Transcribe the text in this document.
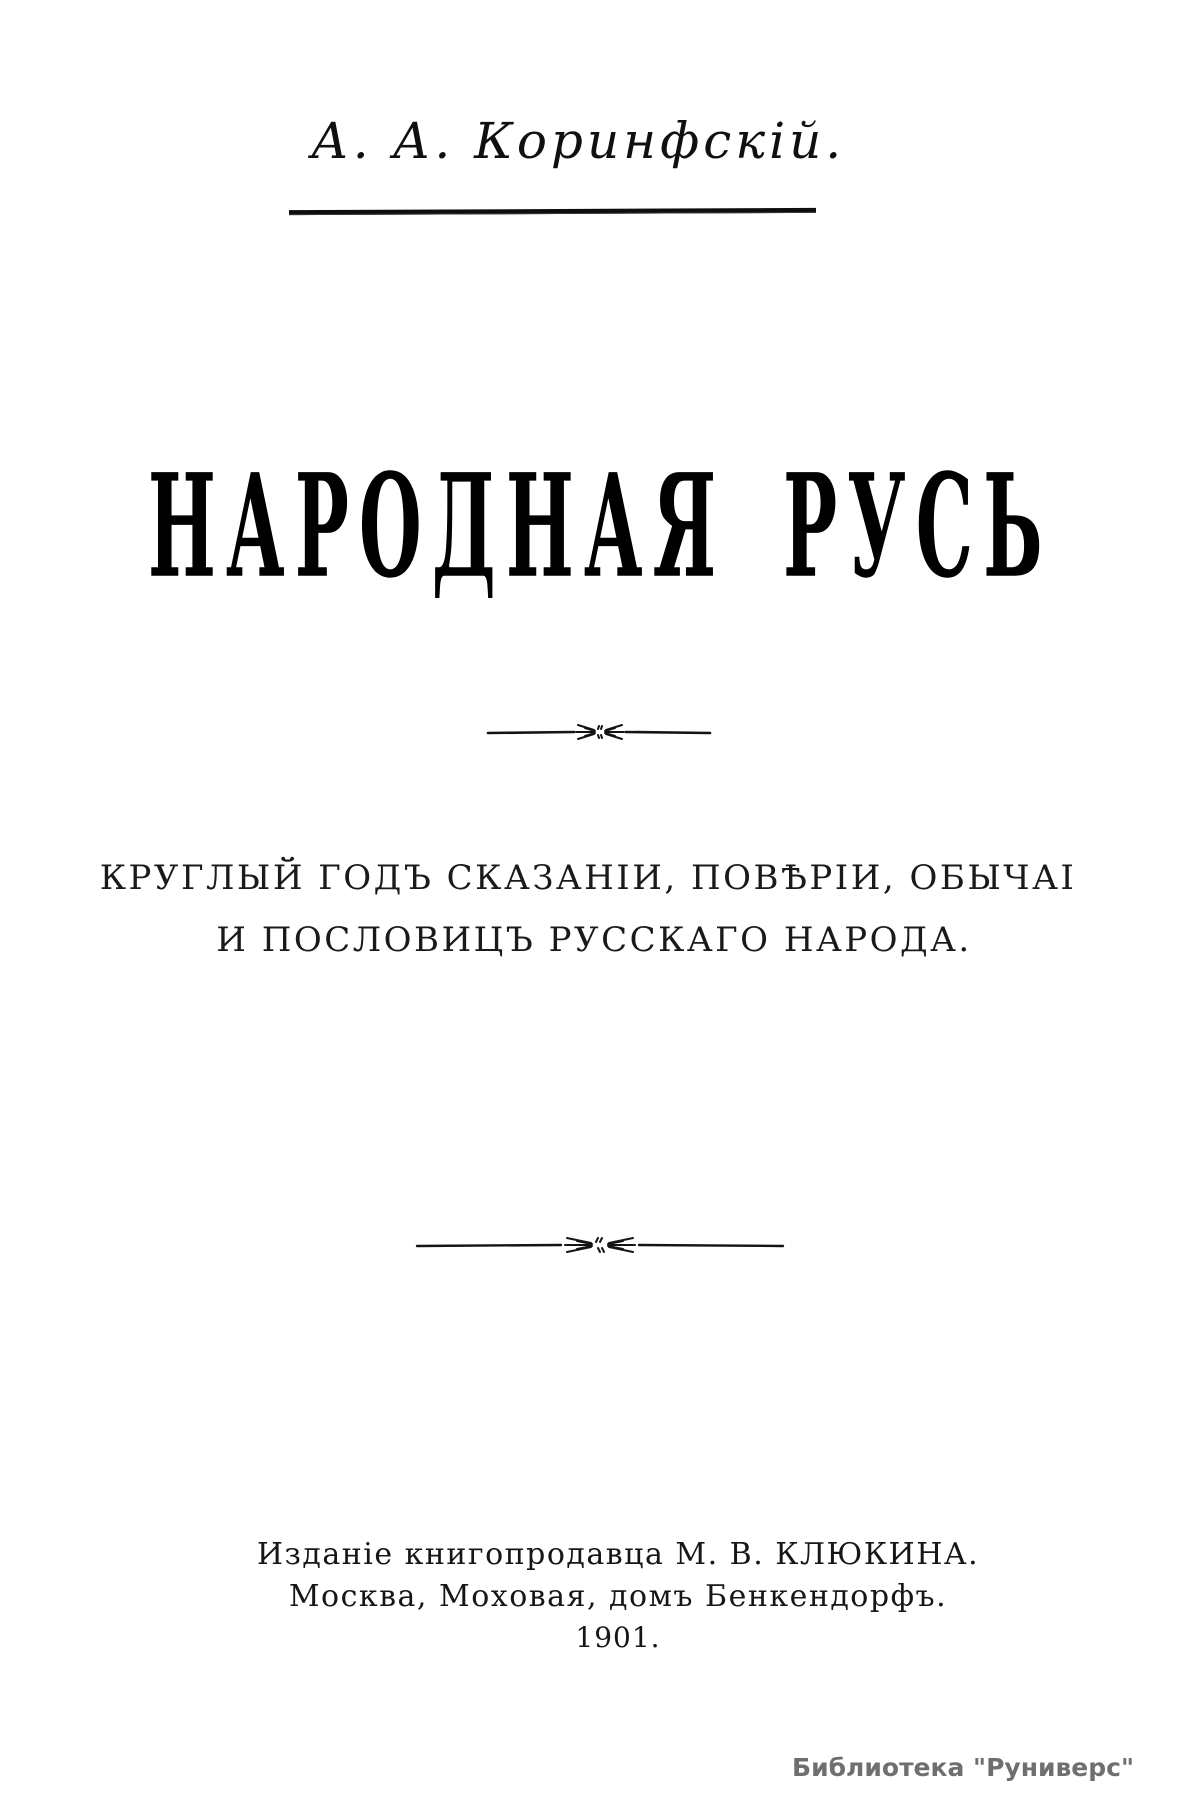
А. А. Коринфскій.
НАРОДНАЯ РУСЬ
КРУГЛЫЙ ГОДЪ СКАЗАНІИ, ПОВѢРІИ, ОБЫЧАІ
И ПОСЛОВИЦЪ РУССКАГО НАРОДА.
Изданіе книгопродавца М. В. КЛЮКИНА.
Москва, Моховая, домъ Бенкендорфъ.
1901.
Библиотека "Руниверс"
